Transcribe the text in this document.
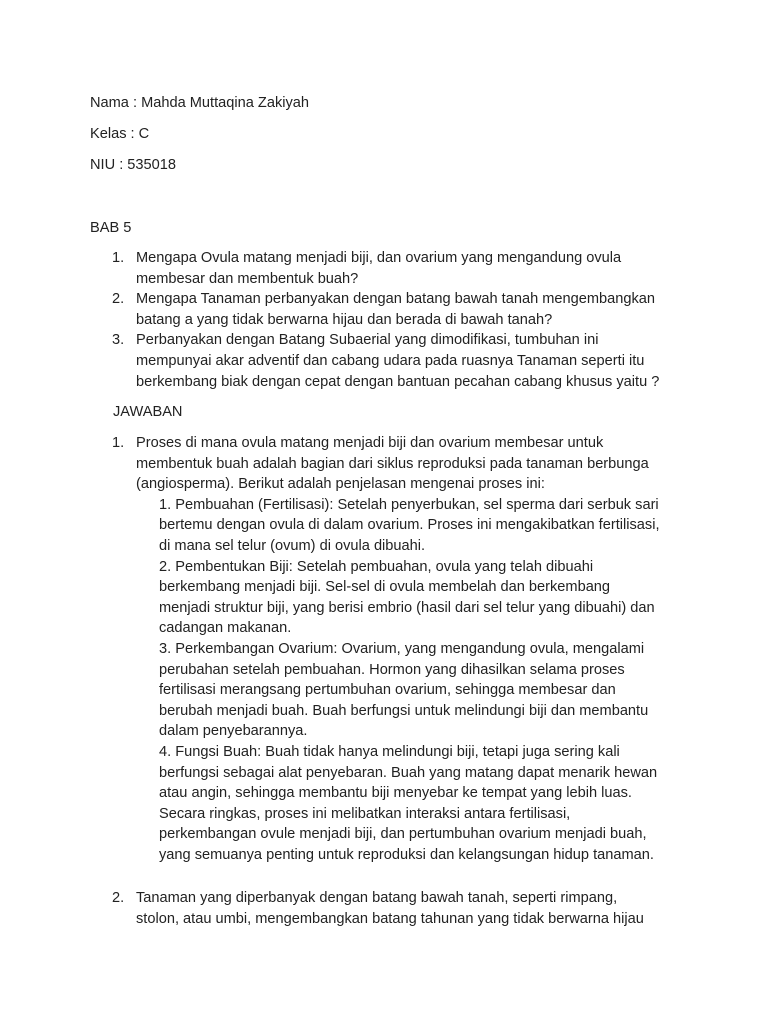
Nama : Mahda Muttaqina Zakiyah

Kelas : C

NIU : 535018

BAB 5

1. Mengapa Ovula matang menjadi biji, dan ovarium yang mengandung ovula
membesar dan membentuk buah?
2. Mengapa Tanaman perbanyakan dengan batang bawah tanah mengembangkan
batang a yang tidak berwarna hijau dan berada di bawah tanah?
3. Perbanyakan dengan Batang Subaerial yang dimodifikasi, tumbuhan ini
mempunyai akar adventif dan cabang udara pada ruasnya Tanaman seperti itu
berkembang biak dengan cepat dengan bantuan pecahan cabang khusus yaitu ?

JAWABAN

1. Proses di mana ovula matang menjadi biji dan ovarium membesar untuk
membentuk buah adalah bagian dari siklus reproduksi pada tanaman berbunga
(angiosperma). Berikut adalah penjelasan mengenai proses ini:
1. Pembuahan (Fertilisasi): Setelah penyerbukan, sel sperma dari serbuk sari
bertemu dengan ovula di dalam ovarium. Proses ini mengakibatkan fertilisasi,
di mana sel telur (ovum) di ovula dibuahi.
2. Pembentukan Biji: Setelah pembuahan, ovula yang telah dibuahi
berkembang menjadi biji. Sel-sel di ovula membelah dan berkembang
menjadi struktur biji, yang berisi embrio (hasil dari sel telur yang dibuahi) dan
cadangan makanan.
3. Perkembangan Ovarium: Ovarium, yang mengandung ovula, mengalami
perubahan setelah pembuahan. Hormon yang dihasilkan selama proses
fertilisasi merangsang pertumbuhan ovarium, sehingga membesar dan
berubah menjadi buah. Buah berfungsi untuk melindungi biji dan membantu
dalam penyebarannya.
4. Fungsi Buah: Buah tidak hanya melindungi biji, tetapi juga sering kali
berfungsi sebagai alat penyebaran. Buah yang matang dapat menarik hewan
atau angin, sehingga membantu biji menyebar ke tempat yang lebih luas.
Secara ringkas, proses ini melibatkan interaksi antara fertilisasi,
perkembangan ovule menjadi biji, dan pertumbuhan ovarium menjadi buah,
yang semuanya penting untuk reproduksi dan kelangsungan hidup tanaman.
2. Tanaman yang diperbanyak dengan batang bawah tanah, seperti rimpang,
stolon, atau umbi, mengembangkan batang tahunan yang tidak berwarna hijau
